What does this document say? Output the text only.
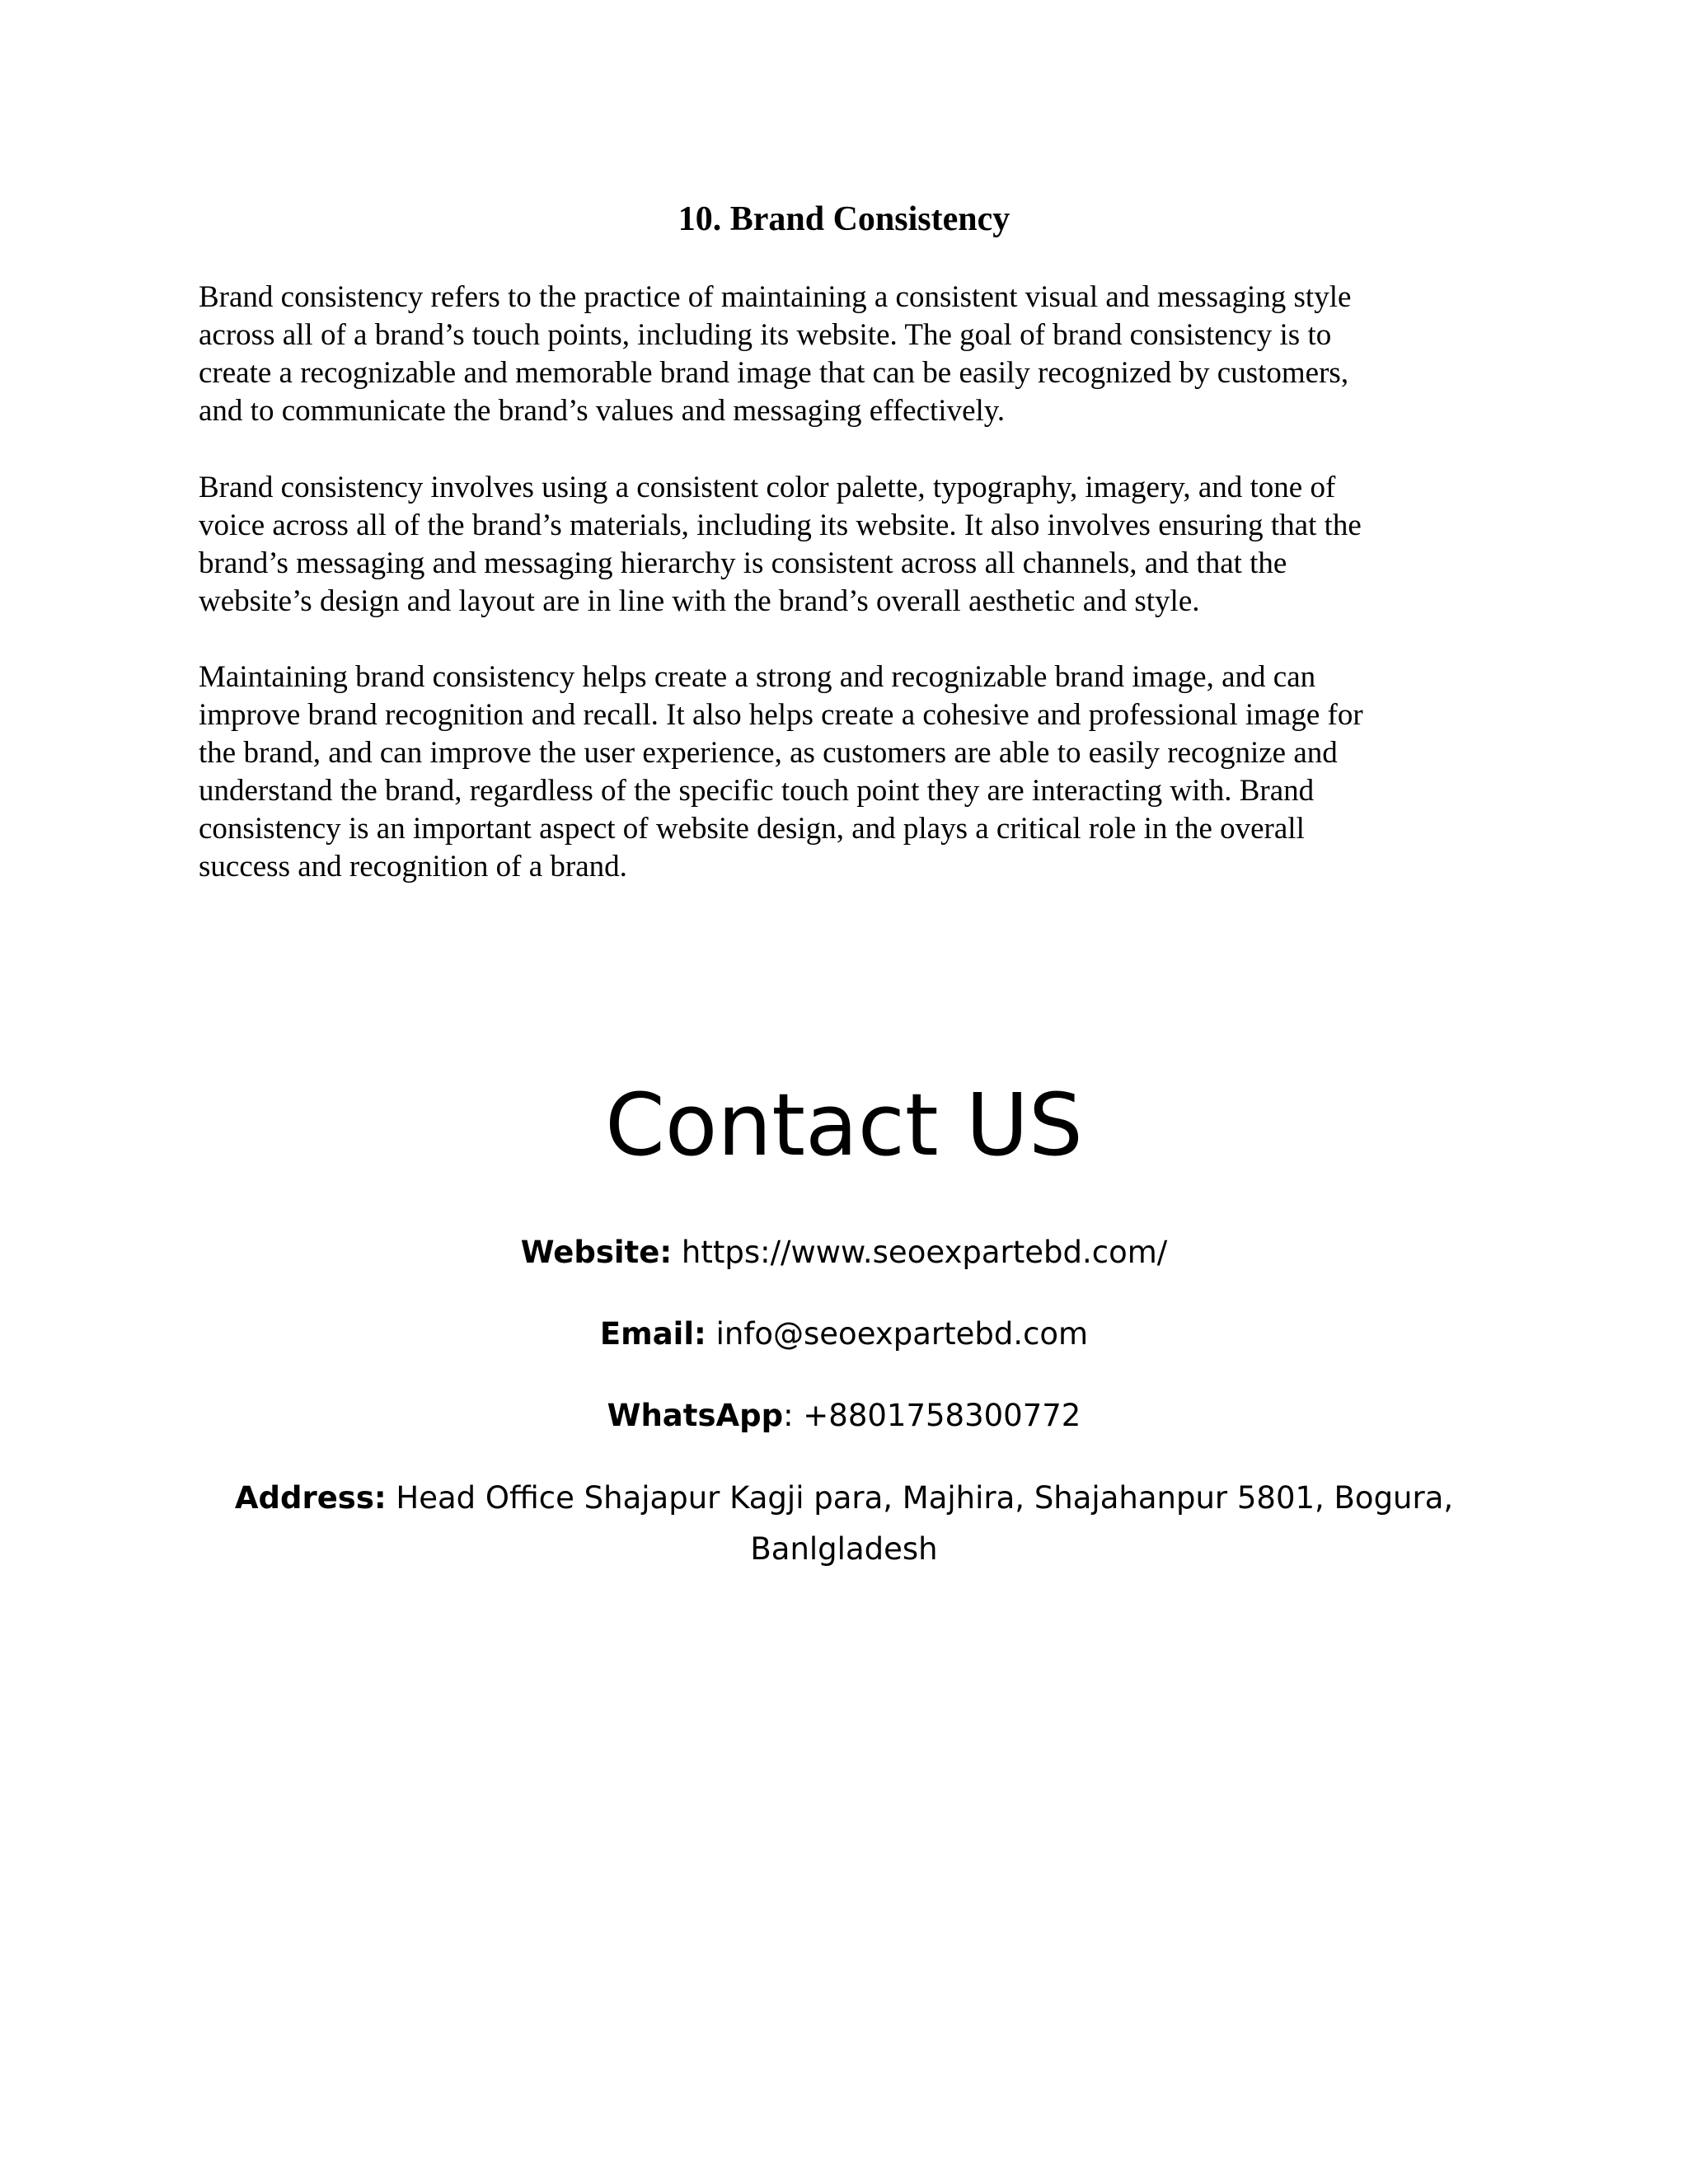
10. Brand Consistency

Brand consistency refers to the practice of maintaining a consistent visual and messaging style
across all of a brand’s touch points, including its website. The goal of brand consistency is to
create a recognizable and memorable brand image that can be easily recognized by customers,
and to communicate the brand’s values and messaging effectively.

Brand consistency involves using a consistent color palette, typography, imagery, and tone of
voice across all of the brand’s materials, including its website. It also involves ensuring that the
brand’s messaging and messaging hierarchy is consistent across all channels, and that the
website’s design and layout are in line with the brand’s overall aesthetic and style.

Maintaining brand consistency helps create a strong and recognizable brand image, and can
improve brand recognition and recall. It also helps create a cohesive and professional image for
the brand, and can improve the user experience, as customers are able to easily recognize and
understand the brand, regardless of the specific touch point they are interacting with. Brand
consistency is an important aspect of website design, and plays a critical role in the overall
success and recognition of a brand.

Contact US

Website: https://www.seoexpartebd.com/

Email: info@seoexpartebd.com

WhatsApp: +8801758300772

Address: Head Office Shajapur Kagji para, Majhira, Shajahanpur 5801, Bogura,
Banlgladesh
